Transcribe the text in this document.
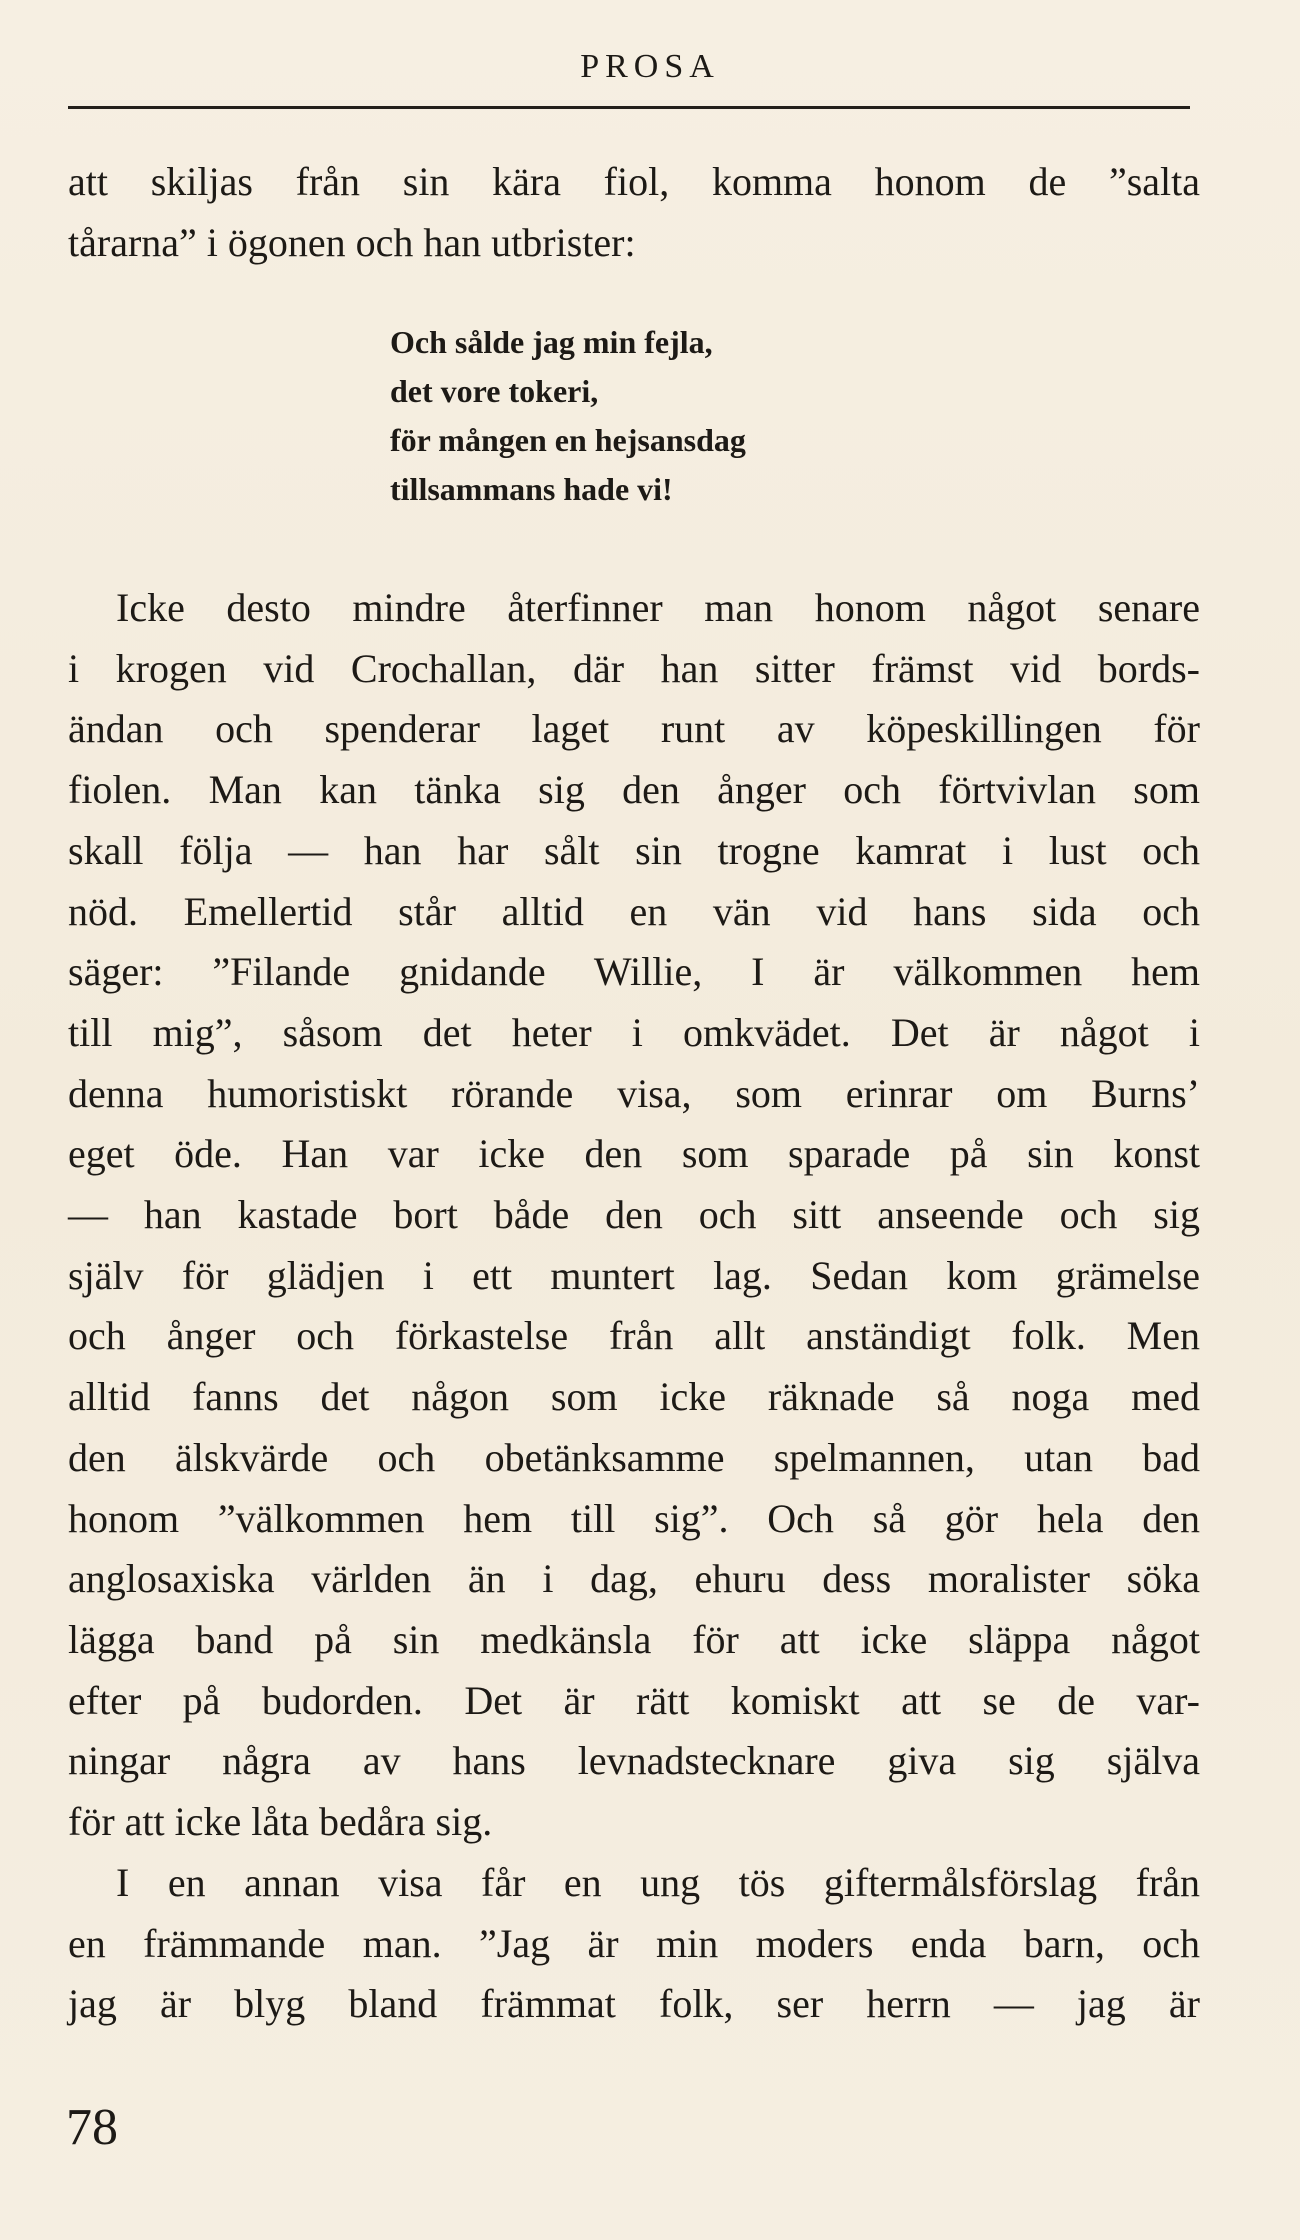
PROSA
att skiljas från sin kära fiol, komma honom de ”salta
tårarna” i ögonen och han utbrister:
Och sålde jag min fejla,
det vore tokeri,
för mången en hejsansdag
tillsammans hade vi!
Icke desto mindre återfinner man honom något senare
i krogen vid Crochallan, där han sitter främst vid bords-
ändan och spenderar laget runt av köpeskillingen för
fiolen. Man kan tänka sig den ånger och förtvivlan som
skall följa — han har sålt sin trogne kamrat i lust och
nöd. Emellertid står alltid en vän vid hans sida och
säger: ”Filande gnidande Willie, I är välkommen hem
till mig”, såsom det heter i omkvädet. Det är något i
denna humoristiskt rörande visa, som erinrar om Burns’
eget öde. Han var icke den som sparade på sin konst
— han kastade bort både den och sitt anseende och sig
själv för glädjen i ett muntert lag. Sedan kom grämelse
och ånger och förkastelse från allt anständigt folk. Men
alltid fanns det någon som icke räknade så noga med
den älskvärde och obetänksamme spelmannen, utan bad
honom ”välkommen hem till sig”. Och så gör hela den
anglosaxiska världen än i dag, ehuru dess moralister söka
lägga band på sin medkänsla för att icke släppa något
efter på budorden. Det är rätt komiskt att se de var-
ningar några av hans levnadstecknare giva sig själva
för att icke låta bedåra sig.
I en annan visa får en ung tös giftermålsförslag från
en främmande man. ”Jag är min moders enda barn, och
jag är blyg bland främmat folk, ser herrn — jag är
78
